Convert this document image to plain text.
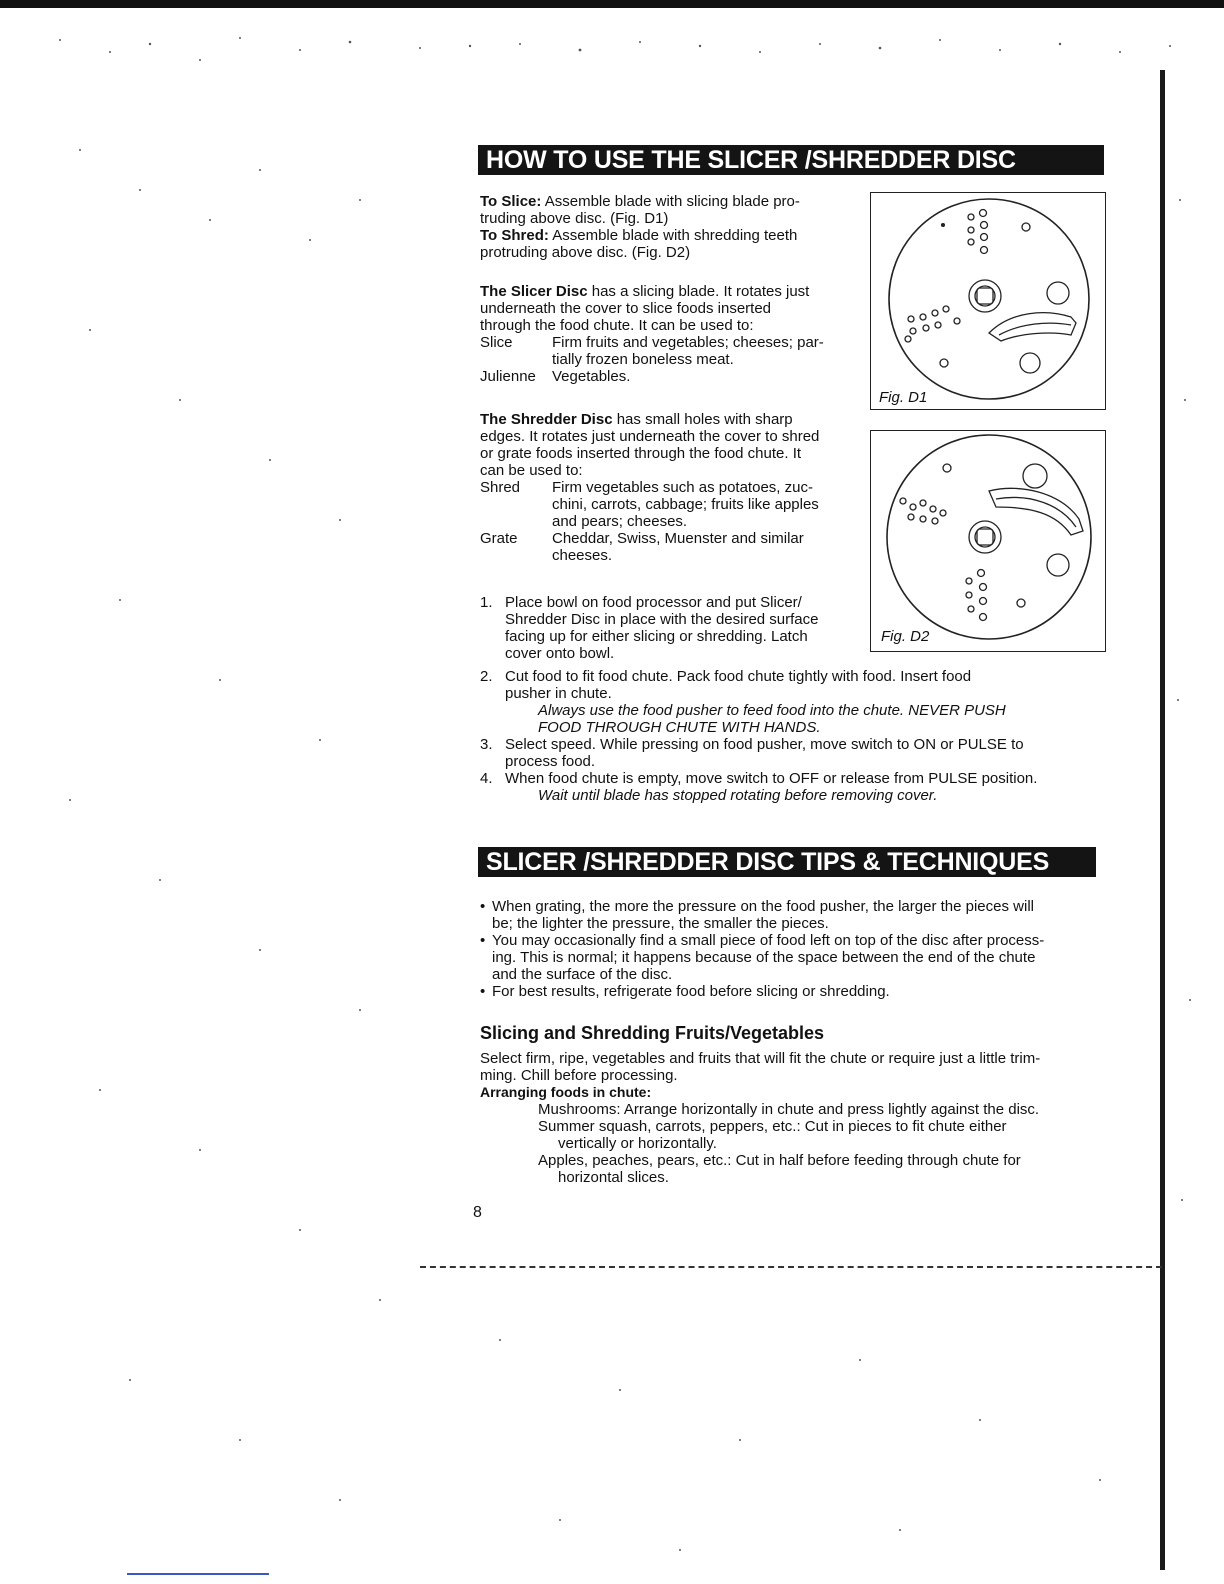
HOW TO USE THE SLICER /SHREDDER DISC

To Slice: Assemble blade with slicing blade pro-

truding above disc. (Fig. D1)

To Shred: Assemble blade with shredding teeth

protruding above disc. (Fig. D2)

The Slicer Disc has a slicing blade. It rotates just

underneath the cover to slice foods inserted

through the food chute. It can be used to:

Slice	Firm fruits and vegetables; cheeses; par-
tially frozen boneless meat.
Julienne	Vegetables.

The Shredder Disc has small holes with sharp

edges. It rotates just underneath the cover to shred

or grate foods inserted through the food chute. It

can be used to:

Shred	Firm vegetables such as potatoes, zuc-
chini, carrots, cabbage; fruits like apples
and pears; cheeses.
Grate	Cheddar, Swiss, Muenster and similar
cheeses.
1. Place bowl on food processor and put Slicer/
Shredder Disc in place with the desired surface
facing up for either slicing or shredding. Latch
cover onto bowl.
2. Cut food to fit food chute. Pack food chute tightly with food. Insert food
pusher in chute.
Always use the food pusher to feed food into the chute. NEVER PUSH
FOOD THROUGH CHUTE WITH HANDS.
3. Select speed. While pressing on food pusher, move switch to ON or PULSE to
process food.
4. When food chute is empty, move switch to OFF or release from PULSE position.
Wait until blade has stopped rotating before removing cover.
Fig. D1
Fig. D2
SLICER /SHREDDER DISC TIPS & TECHNIQUES
• When grating, the more the pressure on the food pusher, the larger the pieces will
be; the lighter the pressure, the smaller the pieces.
• You may occasionally find a small piece of food left on top of the disc after process-
ing. This is normal; it happens because of the space between the end of the chute
and the surface of the disc.
• For best results, refrigerate food before slicing or shredding.
Slicing and Shredding Fruits/Vegetables
Select firm, ripe, vegetables and fruits that will fit the chute or require just a little trim-
ming. Chill before processing.
Arranging foods in chute:
Mushrooms: Arrange horizontally in chute and press lightly against the disc.
Summer squash, carrots, peppers, etc.: Cut in pieces to fit chute either
vertically or horizontally.
Apples, peaches, pears, etc.: Cut in half before feeding through chute for
horizontal slices.
8
